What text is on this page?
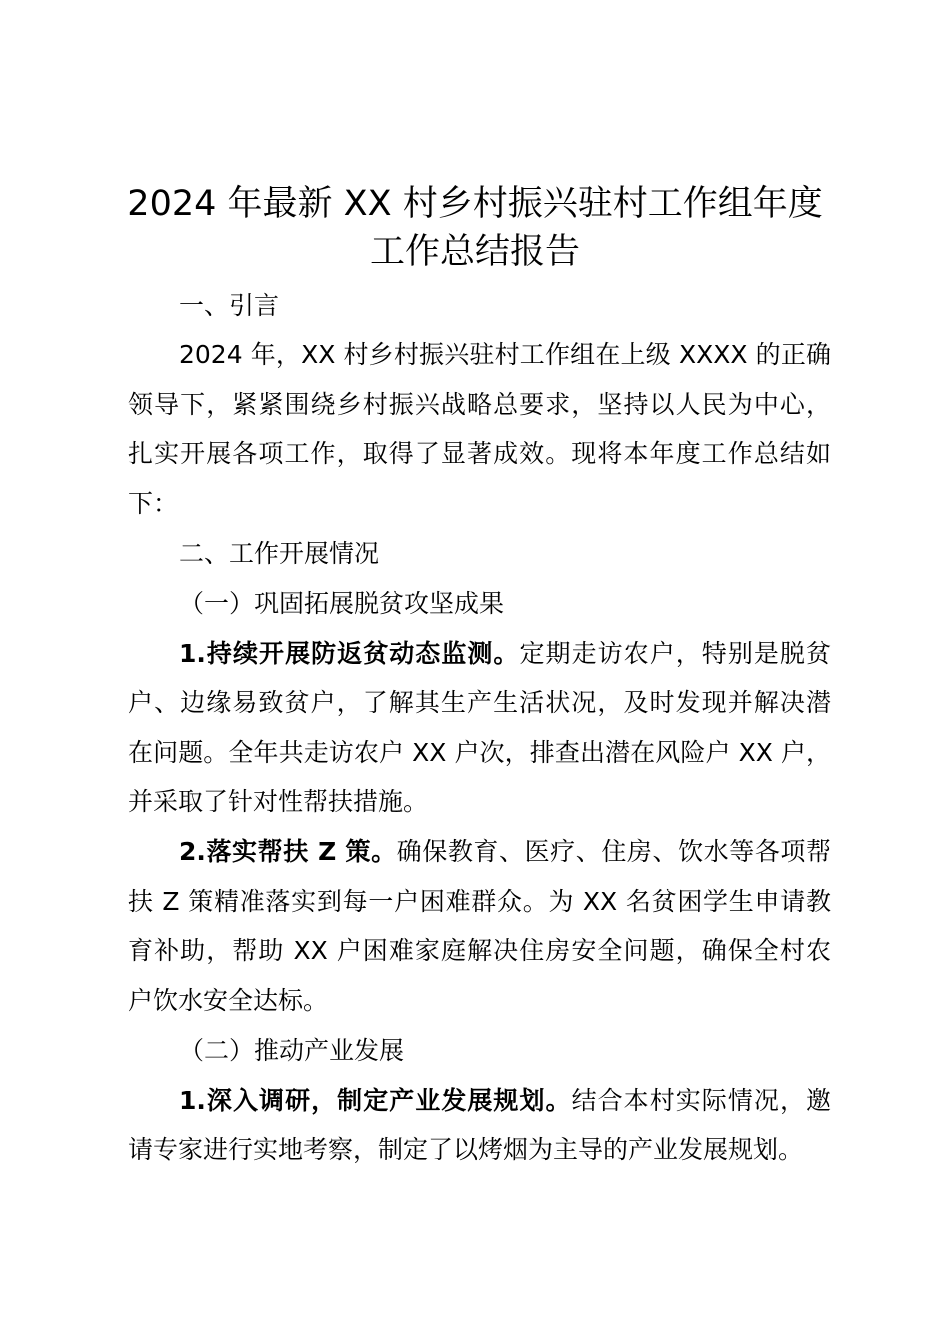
2024 年最新 XX 村乡村振兴驻村工作组年度
工作总结报告

一、引言

2024 年，XX 村乡村振兴驻村工作组在上级 XXXX 的正确

领导下，紧紧围绕乡村振兴战略总要求，坚持以人民为中心，

扎实开展各项工作，取得了显著成效。现将本年度工作总结如

下：

二、工作开展情况

（一）巩固拓展脱贫攻坚成果

1.持续开展防返贫动态监测。定期走访农户，特别是脱贫

户、边缘易致贫户，了解其生产生活状况，及时发现并解决潜

在问题。全年共走访农户 XX 户次，排查出潜在风险户 XX 户，

并采取了针对性帮扶措施。

2.落实帮扶 Z 策。确保教育、医疗、住房、饮水等各项帮

扶 Z 策精准落实到每一户困难群众。为 XX 名贫困学生申请教

育补助，帮助 XX 户困难家庭解决住房安全问题，确保全村农

户饮水安全达标。

（二）推动产业发展

1.深入调研，制定产业发展规划。结合本村实际情况，邀

请专家进行实地考察，制定了以烤烟为主导的产业发展规划。
